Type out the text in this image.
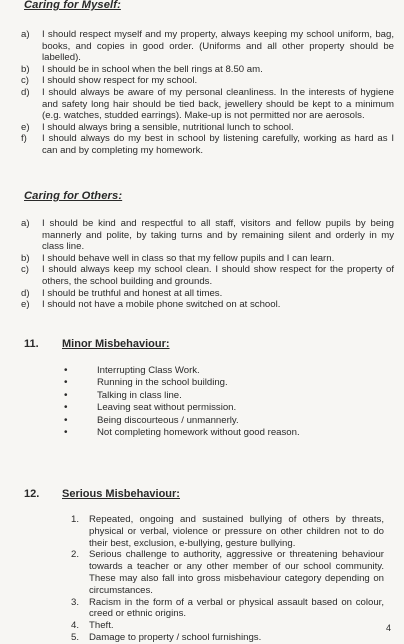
Caring for Myself:
a) I should respect myself and my property, always keeping my school uniform, bag, books, and copies in good order. (Uniforms and all other property should be labelled).
b) I should be in school when the bell rings at 8.50 am.
c) I should show respect for my school.
d) I should always be aware of my personal cleanliness. In the interests of hygiene and safety long hair should be tied back, jewellery should be kept to a minimum (e.g. watches, studded earrings). Make-up is not permitted nor are aerosols.
e) I should always bring a sensible, nutritional lunch to school.
f) I should always do my best in school by listening carefully, working as hard as I can and by completing my homework.
Caring for Others:
a) I should be kind and respectful to all staff, visitors and fellow pupils by being mannerly and polite, by taking turns and by remaining silent and orderly in my class line.
b) I should behave well in class so that my fellow pupils and I can learn.
c) I should always keep my school clean. I should show respect for the property of others, the school building and grounds.
d) I should be truthful and honest at all times.
e) I should not have a mobile phone switched on at school.
11. Minor Misbehaviour:
•	Interrupting Class Work.
•	Running in the school building.
•	Talking in class line.
•	Leaving seat without permission.
•	Being discourteous / unmannerly.
•	Not completing homework without good reason.
12. Serious Misbehaviour:
1. Repeated, ongoing and sustained bullying of others by threats, physical or verbal, violence or pressure on other children not to do their best, exclusion, e-bullying, gesture bullying.
2. Serious challenge to authority, aggressive or threatening behaviour towards a teacher or any other member of our school community. These may also fall into gross misbehaviour category depending on circumstances.
3. Racism in the form of a verbal or physical assault based on colour, creed or ethnic origins.
4. Theft.
5. Damage to property / school furnishings.
4
